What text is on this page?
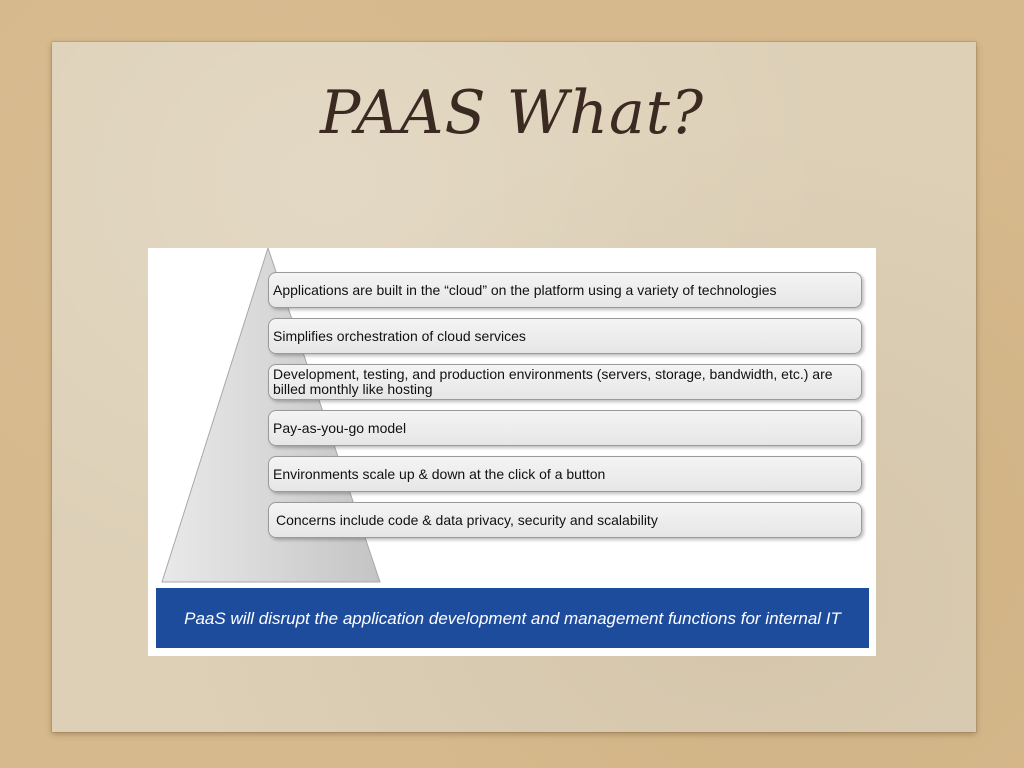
PAAS What?
Applications are built in the “cloud” on the platform using a variety of technologies
Simplifies orchestration of cloud services
Development, testing, and production environments (servers, storage, bandwidth, etc.) are billed monthly like hosting
Pay-as-you-go model
Environments scale up & down at the click of a button
Concerns include code & data privacy, security and scalability
PaaS will disrupt the application development and management functions for internal IT
